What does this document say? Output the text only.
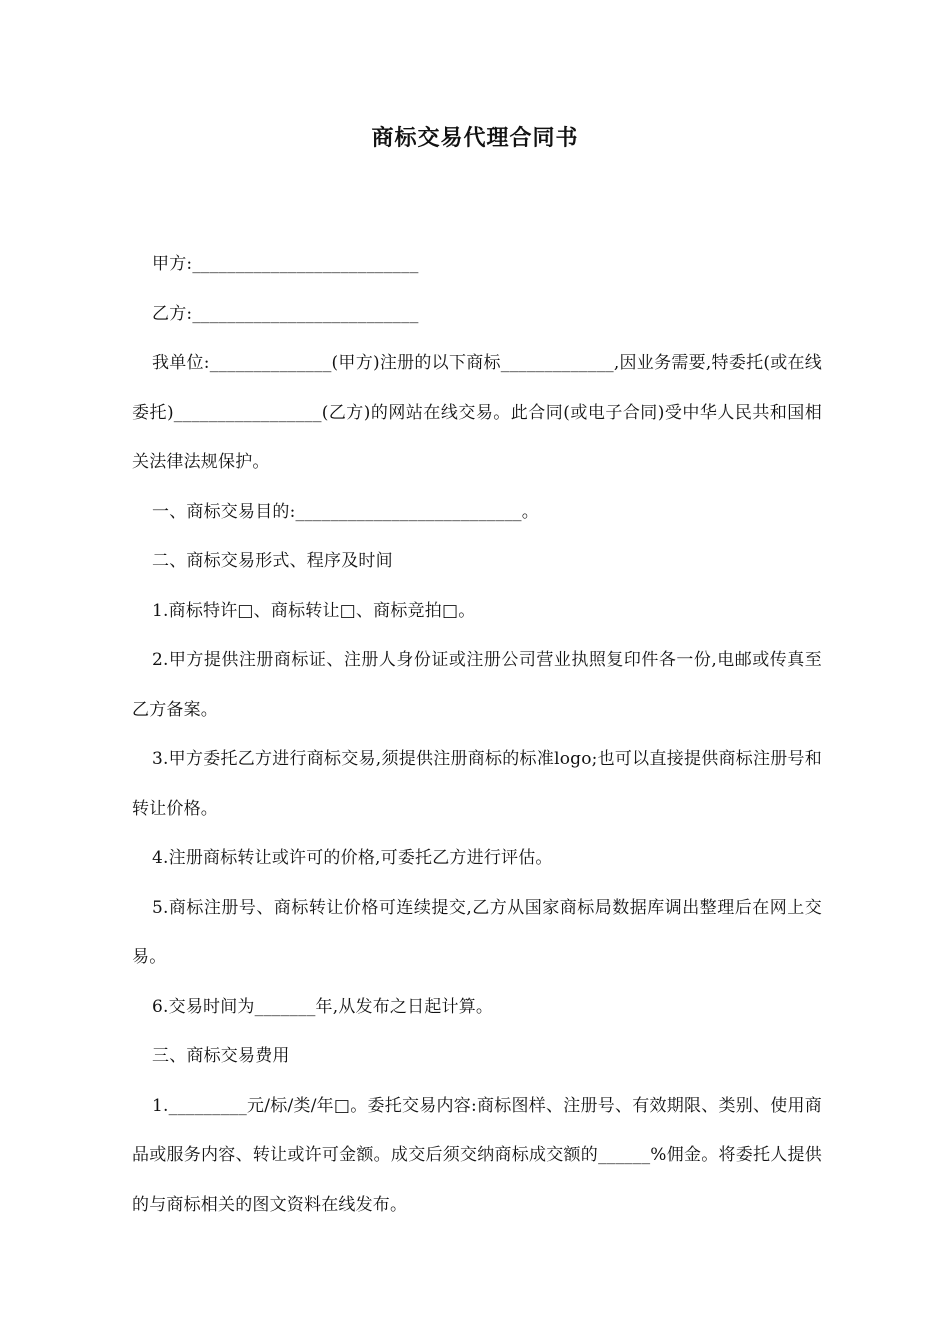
商标交易代理合同书

甲方:__________________________

乙方:__________________________

我单位:______________(甲方)注册的以下商标_____________,因业务需要,特委托(或在线委托)_________________(乙方)的网站在线交易。此合同(或电子合同)受中华人民共和国相关法律法规保护。

一、商标交易目的:__________________________。

二、商标交易形式、程序及时间

1.商标特许□、商标转让□、商标竞拍□。

2.甲方提供注册商标证、注册人身份证或注册公司营业执照复印件各一份,电邮或传真至乙方备案。

3.甲方委托乙方进行商标交易,须提供注册商标的标准logo;也可以直接提供商标注册号和转让价格。

4.注册商标转让或许可的价格,可委托乙方进行评估。

5.商标注册号、商标转让价格可连续提交,乙方从国家商标局数据库调出整理后在网上交易。

6.交易时间为_______年,从发布之日起计算。

三、商标交易费用

1._________元/标/类/年□。委托交易内容:商标图样、注册号、有效期限、类别、使用商品或服务内容、转让或许可金额。成交后须交纳商标成交额的______%佣金。将委托人提供的与商标相关的图文资料在线发布。
